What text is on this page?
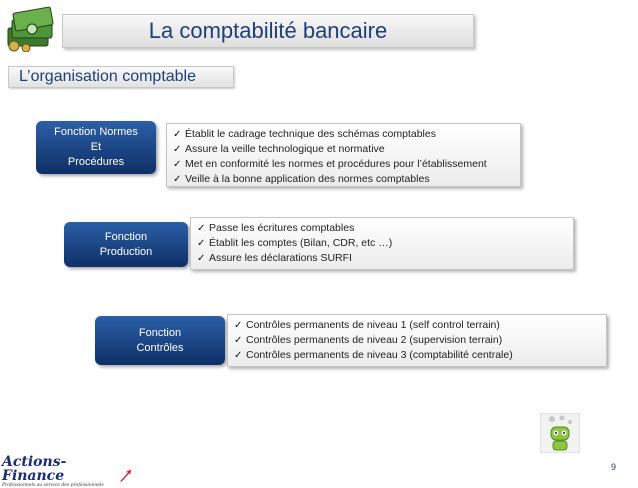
La comptabilité bancaire
L’organisation comptable
Fonction Normes
Et
Procédures
✓ Établit le cadrage technique des schémas comptables
✓ Assure la veille technologique et normative
✓ Met en conformité les normes et procédures pour l’établissement
✓ Veille à la bonne application des normes comptables
Fonction
Production
✓ Passe les écritures comptables
✓ Établit les comptes (Bilan, CDR, etc …)
✓ Assure les déclarations SURFI
Fonction
Contrôles
✓ Contrôles permanents de niveau 1 (self control terrain)
✓ Contrôles permanents de niveau 2 (supervision terrain)
✓ Contrôles permanents de niveau 3 (comptabilité centrale)
Actions-Finance
Professionnels au service des professionnels
9
